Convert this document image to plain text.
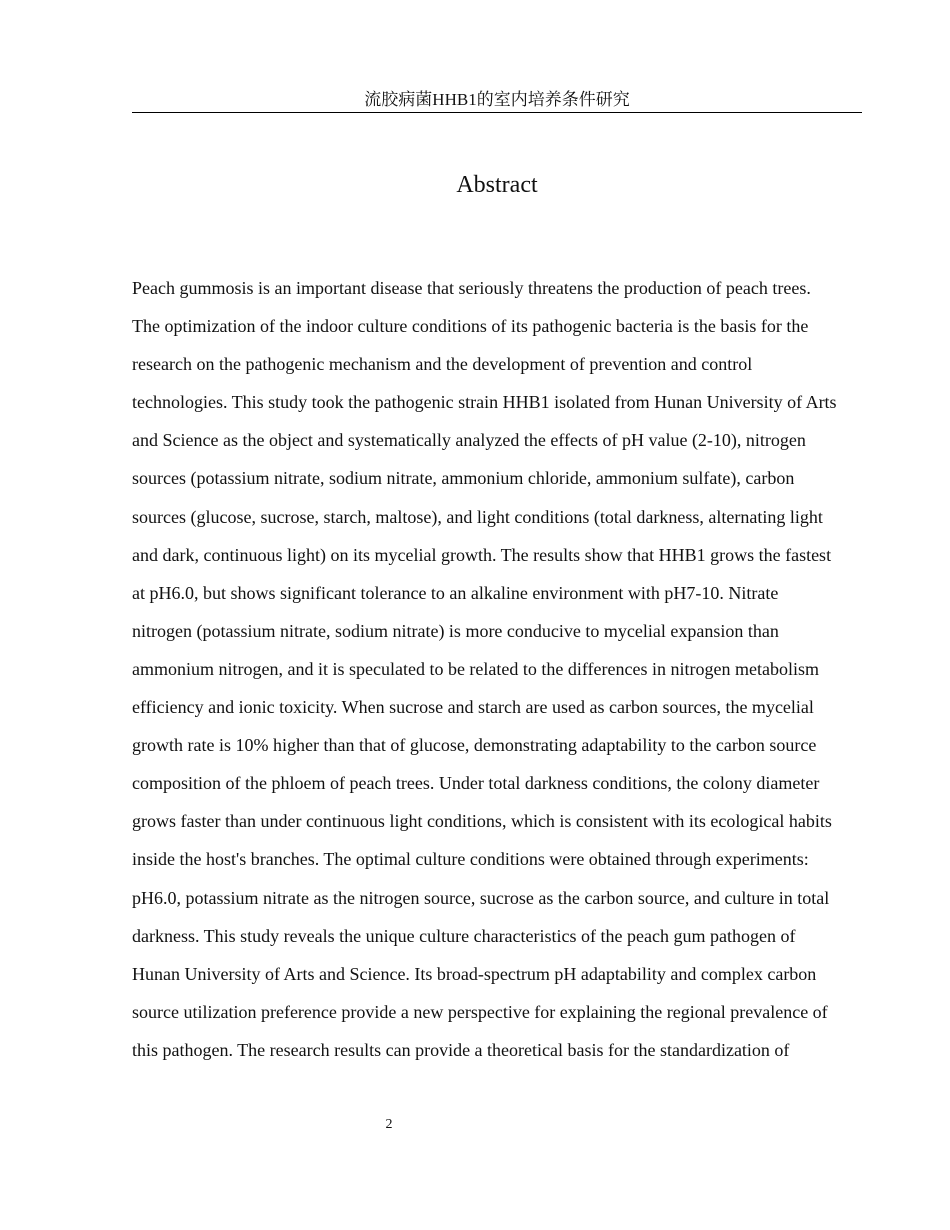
流胶病菌HHB1的室内培养条件研究
Abstract
Peach gummosis is an important disease that seriously threatens the production of peach trees.
The optimization of the indoor culture conditions of its pathogenic bacteria is the basis for the
research on the pathogenic mechanism and the development of prevention and control
technologies. This study took the pathogenic strain HHB1 isolated from Hunan University of Arts
and Science as the object and systematically analyzed the effects of pH value (2-10), nitrogen
sources (potassium nitrate, sodium nitrate, ammonium chloride, ammonium sulfate), carbon
sources (glucose, sucrose, starch, maltose), and light conditions (total darkness, alternating light
and dark, continuous light) on its mycelial growth. The results show that HHB1 grows the fastest
at pH6.0, but shows significant tolerance to an alkaline environment with pH7-10. Nitrate
nitrogen (potassium nitrate, sodium nitrate) is more conducive to mycelial expansion than
ammonium nitrogen, and it is speculated to be related to the differences in nitrogen metabolism
efficiency and ionic toxicity. When sucrose and starch are used as carbon sources, the mycelial
growth rate is 10% higher than that of glucose, demonstrating adaptability to the carbon source
composition of the phloem of peach trees. Under total darkness conditions, the colony diameter
grows faster than under continuous light conditions, which is consistent with its ecological habits
inside the host's branches. The optimal culture conditions were obtained through experiments:
pH6.0, potassium nitrate as the nitrogen source, sucrose as the carbon source, and culture in total
darkness. This study reveals the unique culture characteristics of the peach gum pathogen of
Hunan University of Arts and Science. Its broad-spectrum pH adaptability and complex carbon
source utilization preference provide a new perspective for explaining the regional prevalence of
this pathogen. The research results can provide a theoretical basis for the standardization of
2
